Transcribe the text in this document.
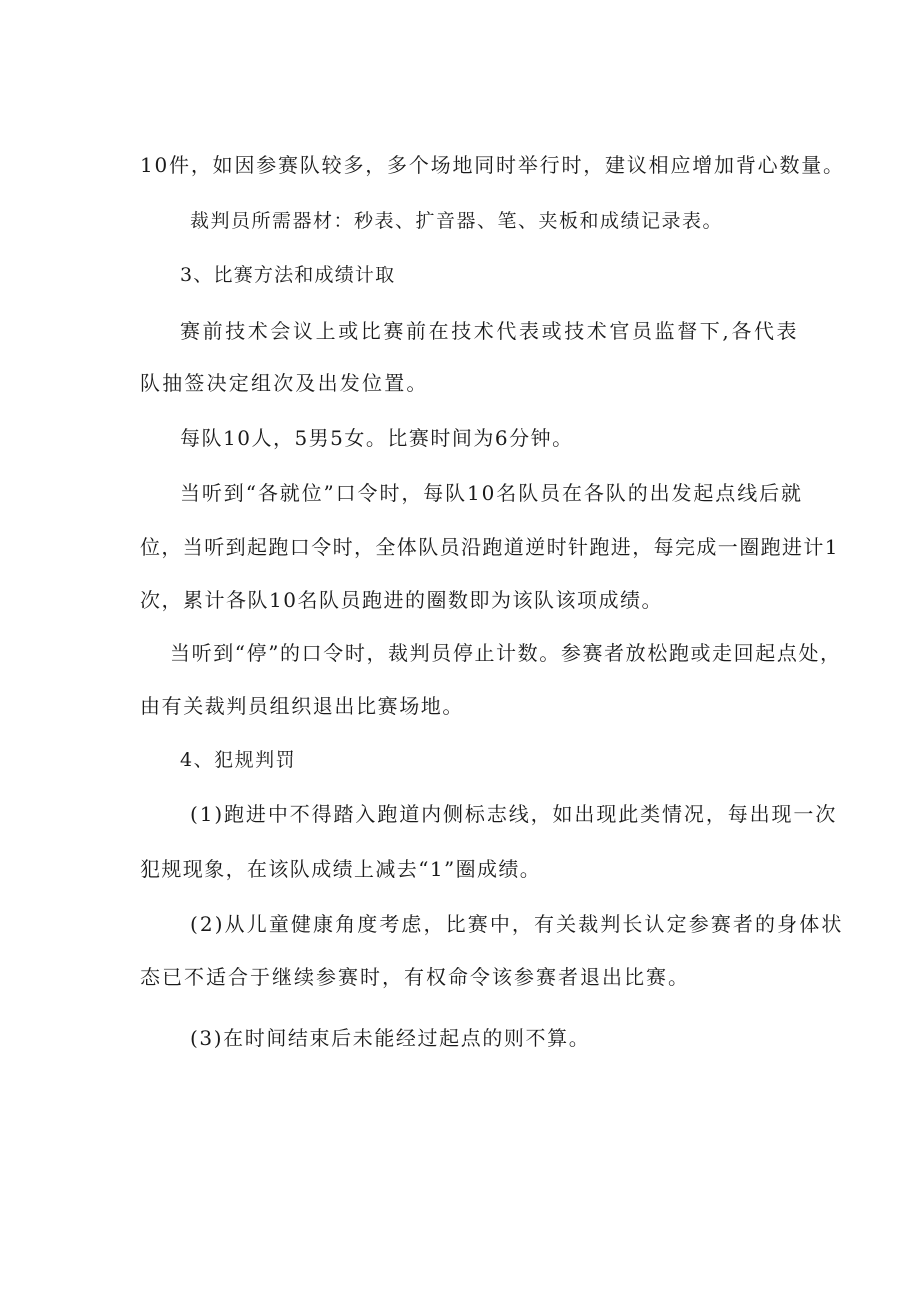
10件，如因参赛队较多，多个场地同时举行时，建议相应增加背心数量。
裁判员所需器材：秒表、扩音器、笔、夹板和成绩记录表。
3、比赛方法和成绩计取
赛前技术会议上或比赛前在技术代表或技术官员监督下,各代表
队抽签决定组次及出发位置。
每队10人，5男5女。比赛时间为6分钟。
当听到“各就位”口令时，每队10名队员在各队的出发起点线后就
位，当听到起跑口令时，全体队员沿跑道逆时针跑进，每完成一圈跑进计1
次，累计各队10名队员跑进的圈数即为该队该项成绩。
当听到“停”的口令时，裁判员停止计数。参赛者放松跑或走回起点处，
由有关裁判员组织退出比赛场地。
4、犯规判罚
(1)跑进中不得踏入跑道内侧标志线，如出现此类情况，每出现一次
犯规现象，在该队成绩上减去“1”圈成绩。
(2)从儿童健康角度考虑，比赛中，有关裁判长认定参赛者的身体状
态已不适合于继续参赛时，有权命令该参赛者退出比赛。
(3)在时间结束后未能经过起点的则不算。
